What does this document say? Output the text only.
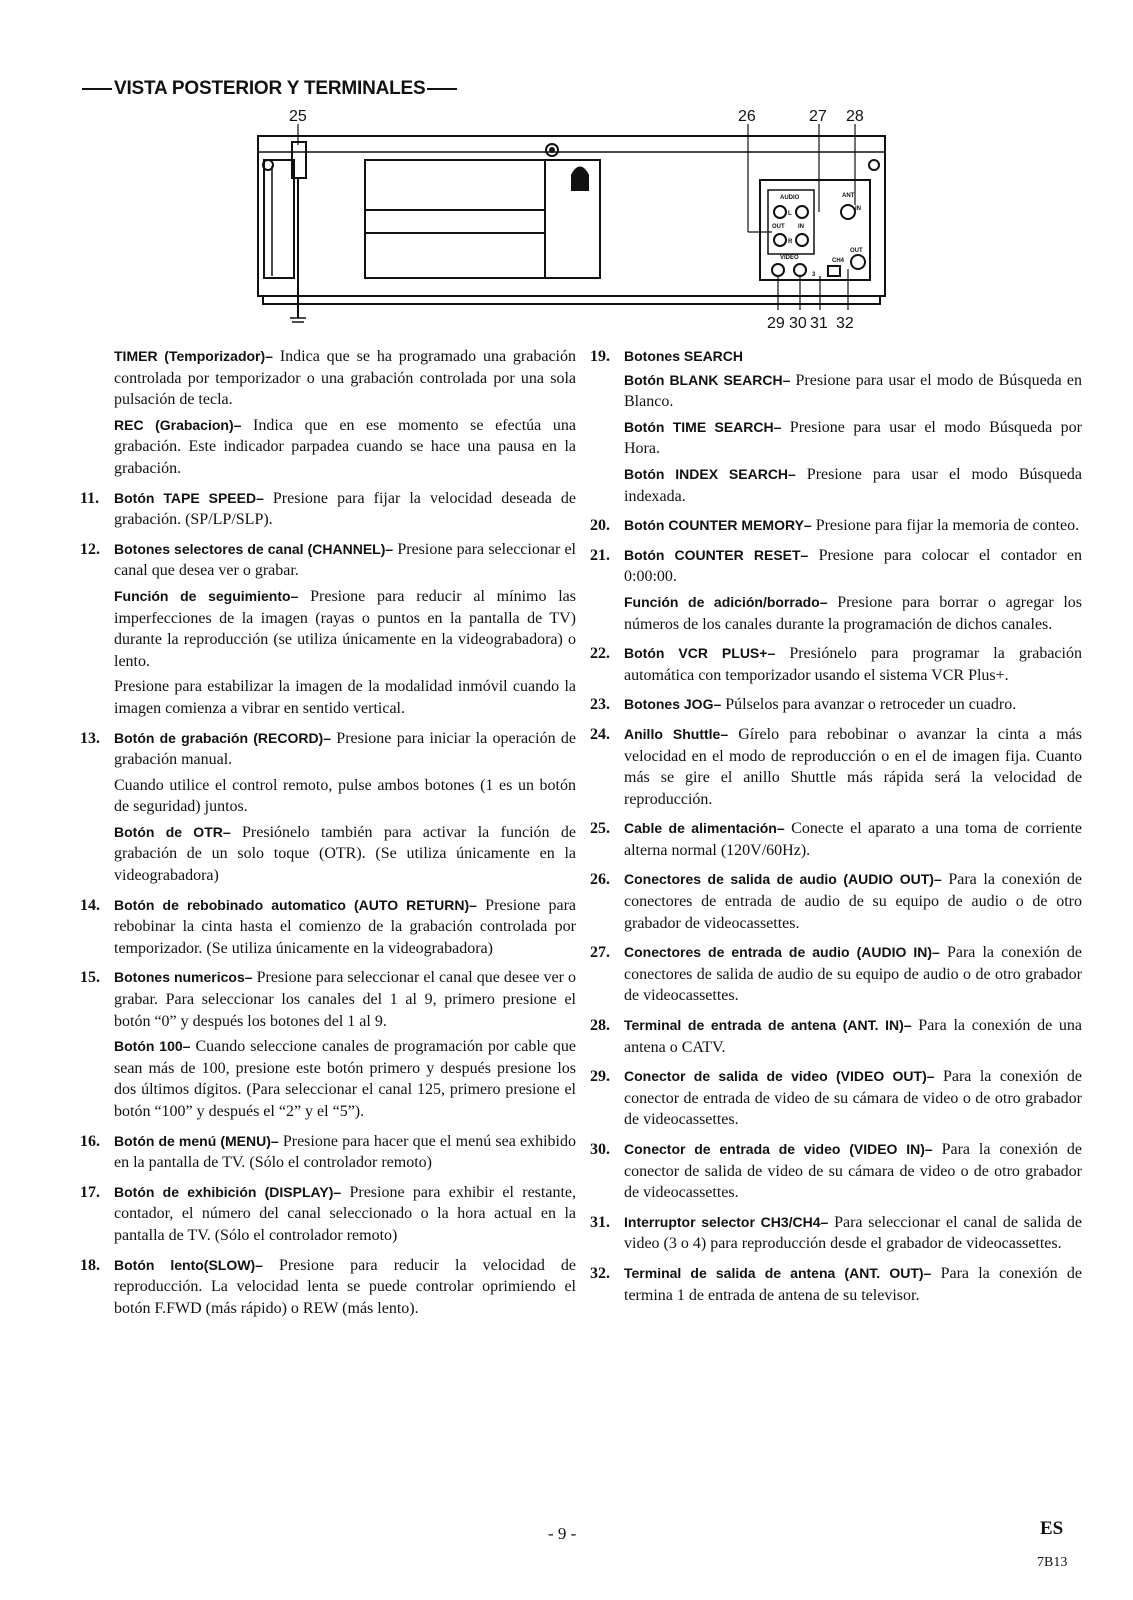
VISTA POSTERIOR Y TERMINALES
25	26	27 28
29 30 31 32
AUDIO
L
OUT IN
R
VIDEO
ANT
IN
OUT
3
CH4
TIMER (Temporizador)– Indica que se ha programado una grabación controlada por temporizador o una grabación controlada por una sola pulsación de tecla.
REC (Grabacion)– Indica que en ese momento se efectúa una grabación. Este indicador parpadea cuando se hace una pausa en la grabación.
11.	Botón TAPE SPEED– Presione para fijar la velocidad deseada de grabación. (SP/LP/SLP).
12.	Botones selectores de canal (CHANNEL)– Presione para seleccionar el canal que desea ver o grabar.
Función de seguimiento– Presione para reducir al mínimo las imperfecciones de la imagen (rayas o puntos en la pantalla de TV) durante la reproducción (se utiliza únicamente en la videograbadora) o lento.
Presione para estabilizar la imagen de la modalidad inmóvil cuando la imagen comienza a vibrar en sentido vertical.
13.	Botón de grabación (RECORD)– Presione para iniciar la operación de grabación manual.
Cuando utilice el control remoto, pulse ambos botones (1 es un botón de seguridad) juntos.
Botón de OTR– Presiónelo también para activar la función de grabación de un solo toque (OTR). (Se utiliza únicamente en la videograbadora)
14.	Botón de rebobinado automatico (AUTO RETURN)– Presione para rebobinar la cinta hasta el comienzo de la grabación controlada por temporizador. (Se utiliza únicamente en la videograbadora)
15.	Botones numericos– Presione para seleccionar el canal que desee ver o grabar. Para seleccionar los canales del 1 al 9, primero presione el botón “0” y después los botones del 1 al 9.
Botón 100– Cuando seleccione canales de programación por cable que sean más de 100, presione este botón primero y después presione los dos últimos dígitos. (Para seleccionar el canal 125, primero presione el botón “100” y después el “2” y el “5”).
16.	Botón de menú (MENU)– Presione para hacer que el menú sea exhibido en la pantalla de TV. (Sólo el controlador remoto)
17.	Botón de exhibición (DISPLAY)– Presione para exhibir el restante, contador, el número del canal seleccionado o la hora actual en la pantalla de TV. (Sólo el controlador remoto)
18.	Botón lento(SLOW)– Presione para reducir la velocidad de reproducción. La velocidad lenta se puede controlar oprimiendo el botón F.FWD (más rápido) o REW (más lento).
19.	Botones SEARCH
Botón BLANK SEARCH– Presione para usar el modo de Búsqueda en Blanco.
Botón TIME SEARCH– Presione para usar el modo Búsqueda por Hora.
Botón INDEX SEARCH– Presione para usar el modo Búsqueda indexada.
20.	Botón COUNTER MEMORY– Presione para fijar la memoria de conteo.
21.	Botón COUNTER RESET– Presione para colocar el contador en 0:00:00.
Función de adición/borrado– Presione para borrar o agregar los números de los canales durante la programación de dichos canales.
22.	Botón VCR PLUS+– Presiónelo para programar la grabación automática con temporizador usando el sistema VCR Plus+.
23.	Botones JOG– Púlselos para avanzar o retroceder un cuadro.
24.	Anillo Shuttle– Gírelo para rebobinar o avanzar la cinta a más velocidad en el modo de reproducción o en el de imagen fija. Cuanto más se gire el anillo Shuttle más rápida será la velocidad de reproducción.
25.	Cable de alimentación– Conecte el aparato a una toma de corriente alterna normal (120V/60Hz).
26.	Conectores de salida de audio (AUDIO OUT)– Para la conexión de conectores de entrada de audio de su equipo de audio o de otro grabador de videocassettes.
27.	Conectores de entrada de audio (AUDIO IN)– Para la conexión de conectores de salida de audio de su equipo de audio o de otro grabador de videocassettes.
28.	Terminal de entrada de antena (ANT. IN)– Para la conexión de una antena o CATV.
29.	Conector de salida de video (VIDEO OUT)– Para la conexión de conector de entrada de video de su cámara de video o de otro grabador de videocassettes.
30.	Conector de entrada de video (VIDEO IN)– Para la conexión de conector de salida de video de su cámara de video o de otro grabador de videocassettes.
31.	Interruptor selector CH3/CH4– Para seleccionar el canal de salida de video (3 o 4) para reproducción desde el grabador de videocassettes.
32.	Terminal de salida de antena (ANT. OUT)– Para la conexión de termina 1 de entrada de antena de su televisor.
- 9 -	ES
7B13
